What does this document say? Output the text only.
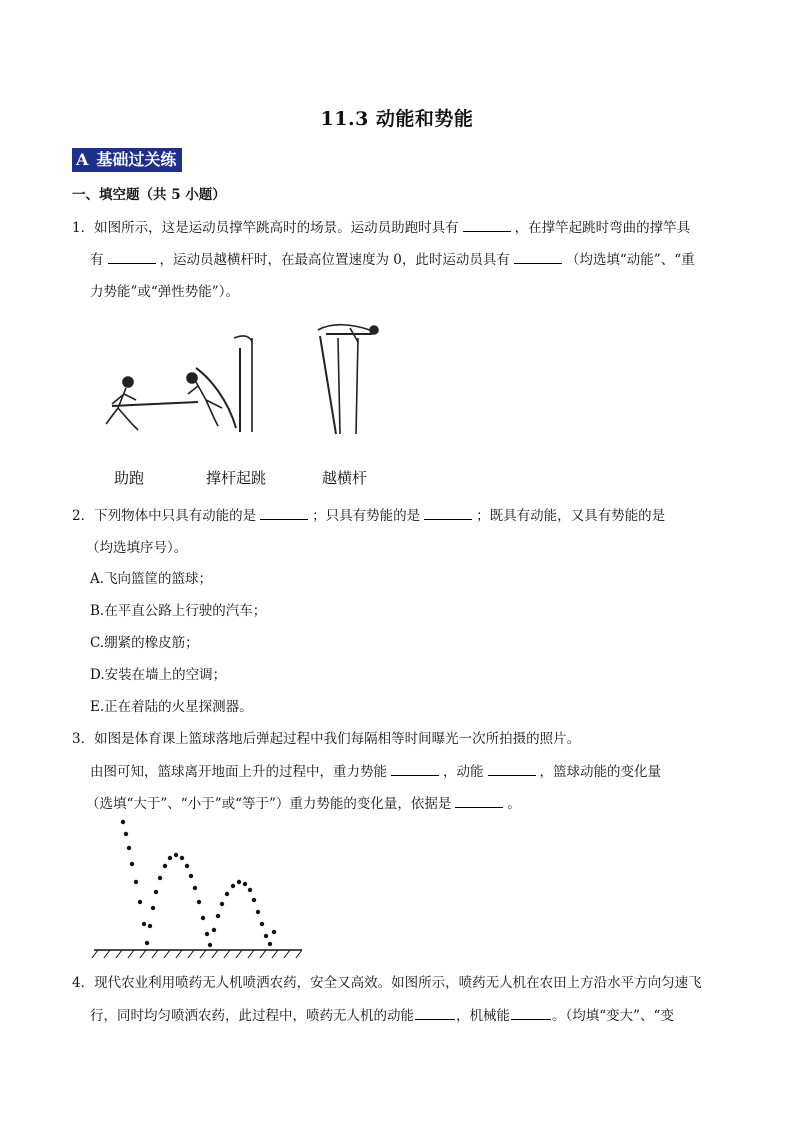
11.3 动能和势能
A 基础过关练
一、填空题（共 5 小题）
1．如图所示，这是运动员撑竿跳高时的场景。运动员助跑时具有	，在撑竿起跳时弯曲的撑竿具
有	，运动员越横杆时，在最高位置速度为 0，此时运动员具有	（均选填“动能”、“重
力势能”或“弹性势能”）。
助跑	撑杆起跳	越横杆
2．下列物体中只具有动能的是	；只具有势能的是	；既具有动能，又具有势能的是
（均选填序号）。
A.飞向篮筐的篮球；
B.在平直公路上行驶的汽车；
C.绷紧的橡皮筋；
D.安装在墙上的空调；
E.正在着陆的火星探测器。
3．如图是体育课上篮球落地后弹起过程中我们每隔相等时间曝光一次所拍摄的照片。
由图可知，篮球离开地面上升的过程中，重力势能	，动能	，篮球动能的变化量
（选填“大于”、“小于”或“等于”）重力势能的变化量，依据是	。
4．现代农业利用喷药无人机喷洒农药，安全又高效。如图所示，喷药无人机在农田上方沿水平方向匀速飞
行，同时均匀喷洒农药，此过程中，喷药无人机的动能	，机械能	。（均填“变大”、“变
